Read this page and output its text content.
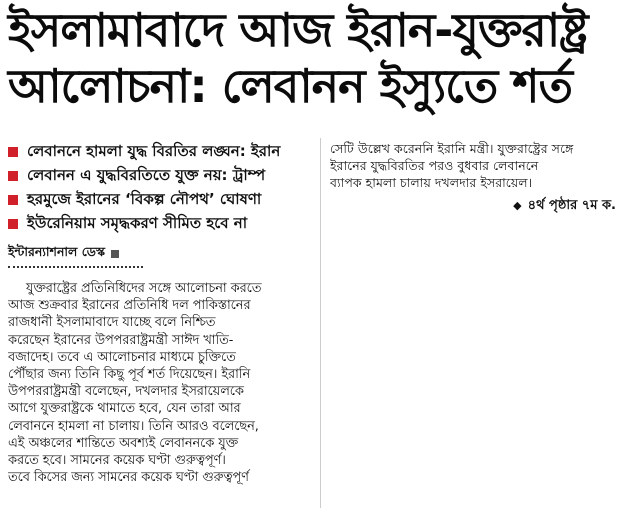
ইসলামাবাদে আজ ইরান-যুক্তরাষ্ট্র
আলোচনা: লেবানন ইস্যুতে শর্ত
লেবাননে হামলা যুদ্ধ বিরতির লঙ্ঘন: ইরান
লেবানন এ যুদ্ধবিরতিতে যুক্ত নয়: ট্রাম্প
হরমুজে ইরানের ‘বিকল্প নৌপথ’ ঘোষণা
ইউরেনিয়াম সমৃদ্ধকরণ সীমিত হবে না
ইন্টারন্যাশনাল ডেস্ক
যুক্তরাষ্ট্রের প্রতিনিধিদের সঙ্গে আলোচনা করতে
আজ শুক্রবার ইরানের প্রতিনিধি দল পাকিস্তানের
রাজধানী ইসলামাবাদে যাচ্ছে বলে নিশ্চিত
করেছেন ইরানের উপপররাষ্ট্রমন্ত্রী সাঈদ খাতি-
বজাদেহ। তবে এ আলোচনার মাধ্যমে চুক্তিতে
পৌঁছার জন্য তিনি কিছু পূর্ব শর্ত দিয়েছেন। ইরানি
উপপররাষ্ট্রমন্ত্রী বলেছেন, দখলদার ইসরায়েলকে
আগে যুক্তরাষ্ট্রকে থামাতে হবে, যেন তারা আর
লেবাননে হামলা না চালায়। তিনি আরও বলেছেন,
এই অঞ্চলের শান্তিতে অবশ্যই লেবাননকে যুক্ত
করতে হবে। সামনের কয়েক ঘণ্টা গুরুত্বপূর্ণ।
তবে কিসের জন্য সামনের কয়েক ঘণ্টা গুরুত্বপূর্ণ
সেটি উল্লেখ করেননি ইরানি মন্ত্রী। যুক্তরাষ্ট্রের সঙ্গে
ইরানের যুদ্ধবিরতির পরও বুধবার লেবাননে
ব্যাপক হামলা চালায় দখলদার ইসরায়েল।
◆ ৪র্থ পৃষ্ঠার ৭ম ক.
